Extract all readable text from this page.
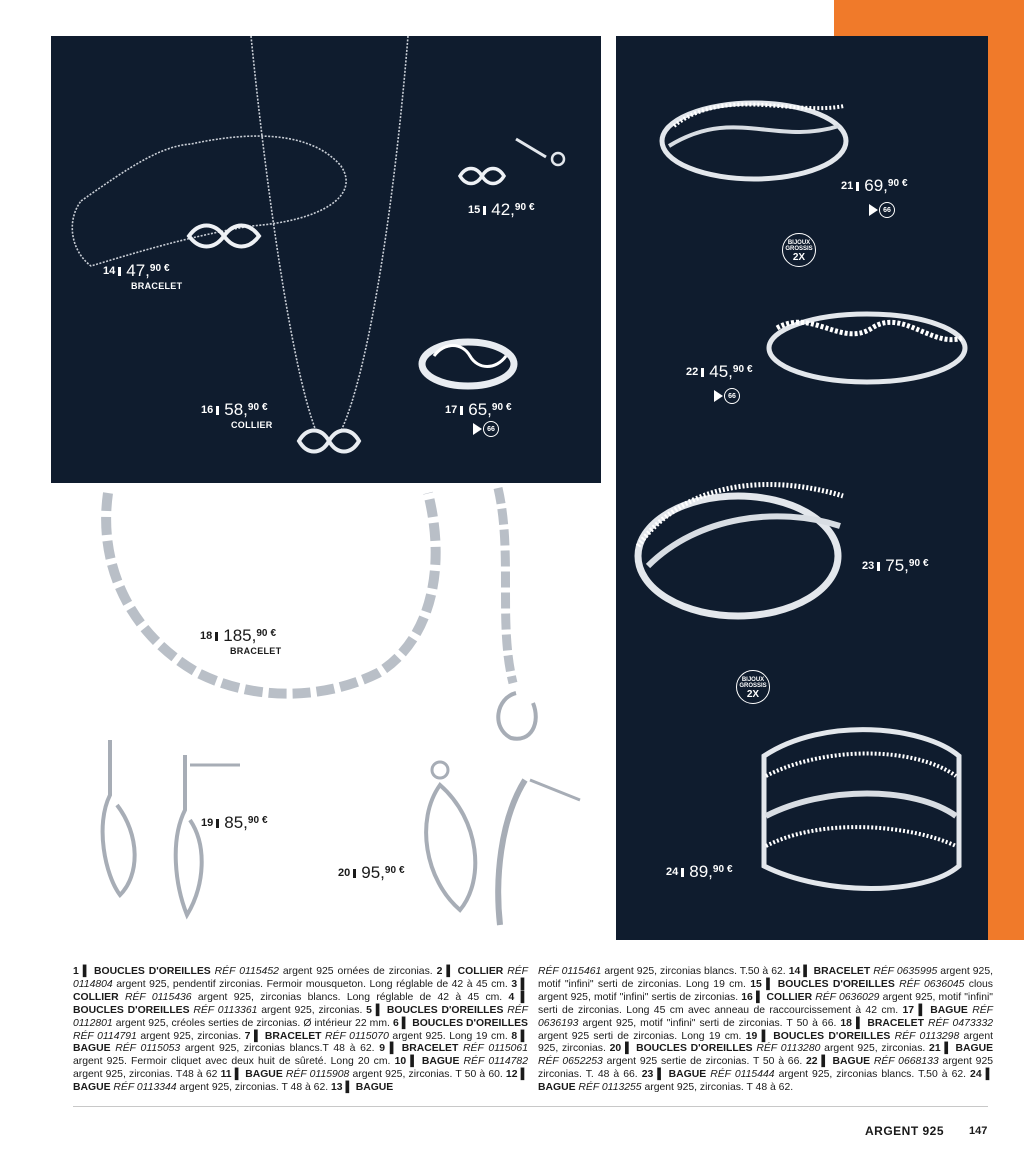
14 47,90 €
BRACELET
15 42,90 €
16 58,90 €
COLLIER
17 65,90 €
66
21 69,90 €
66
BIJOUX
GROSSIS
2X
22 45,90 €
66
23 75,90 €
BIJOUX
GROSSIS
2X
24 89,90 €
18 185,90 €
BRACELET
19 85,90 €
20 95,90 €
1 ▌ BOUCLES D'OREILLES RÉF 0115452 argent 925 ornées de zirconias. 2 ▌ COLLIER RÉF 0114804 argent 925, pendentif zirconias. Fermoir mousqueton. Long réglable de 42 à 45 cm. 3 ▌ COLLIER RÉF 0115436 argent 925, zirconias blancs. Long réglable de 42 à 45 cm. 4 ▌ BOUCLES D'OREILLES RÉF 0113361 argent 925, zirconias. 5 ▌ BOUCLES D'OREILLES RÉF 0112801 argent 925, créoles serties de zirconias. Ø intérieur 22 mm. 6 ▌ BOUCLES D'OREILLES RÉF 0114791 argent 925, zirconias. 7 ▌ BRACELET RÉF 0115070 argent 925. Long 19 cm. 8 ▌ BAGUE RÉF 0115053 argent 925, zirconias blancs.T 48 à 62. 9 ▌ BRACELET RÉF 0115061 argent 925. Fermoir cliquet avec deux huit de sûreté. Long 20 cm. 10 ▌ BAGUE RÉF 0114782 argent 925, zirconias. T48 à 62 11 ▌ BAGUE RÉF 0115908 argent 925, zirconias. T 50 à 60. 12 ▌ BAGUE RÉF 0113344 argent 925, zirconias. T 48 à 62. 13 ▌ BAGUE
RÉF 0115461 argent 925, zirconias blancs. T.50 à 62. 14 ▌ BRACELET RÉF 0635995 argent 925, motif "infini" serti de zirconias. Long 19 cm. 15 ▌ BOUCLES D'OREILLES RÉF 0636045 clous argent 925, motif "infini" sertis de zirconias. 16 ▌ COLLIER RÉF 0636029 argent 925, motif "infini" serti de zirconias. Long 45 cm avec anneau de raccourcissement à 42 cm. 17 ▌ BAGUE RÉF 0636193 argent 925, motif "infini" serti de zirconias. T 50 à 66. 18 ▌ BRACELET RÉF 0473332 argent 925 serti de zirconias. Long 19 cm. 19 ▌ BOUCLES D'OREILLES RÉF 0113298 argent 925, zirconias. 20 ▌ BOUCLES D'OREILLES RÉF 0113280 argent 925, zirconias. 21 ▌ BAGUE RÉF 0652253 argent 925 sertie de zirconias. T 50 à 66. 22 ▌ BAGUE RÉF 0668133 argent 925 zirconias. T. 48 à 66. 23 ▌ BAGUE RÉF 0115444 argent 925, zirconias blancs. T.50 à 62. 24 ▌ BAGUE RÉF 0113255 argent 925, zirconias. T 48 à 62.
ARGENT 925 147
